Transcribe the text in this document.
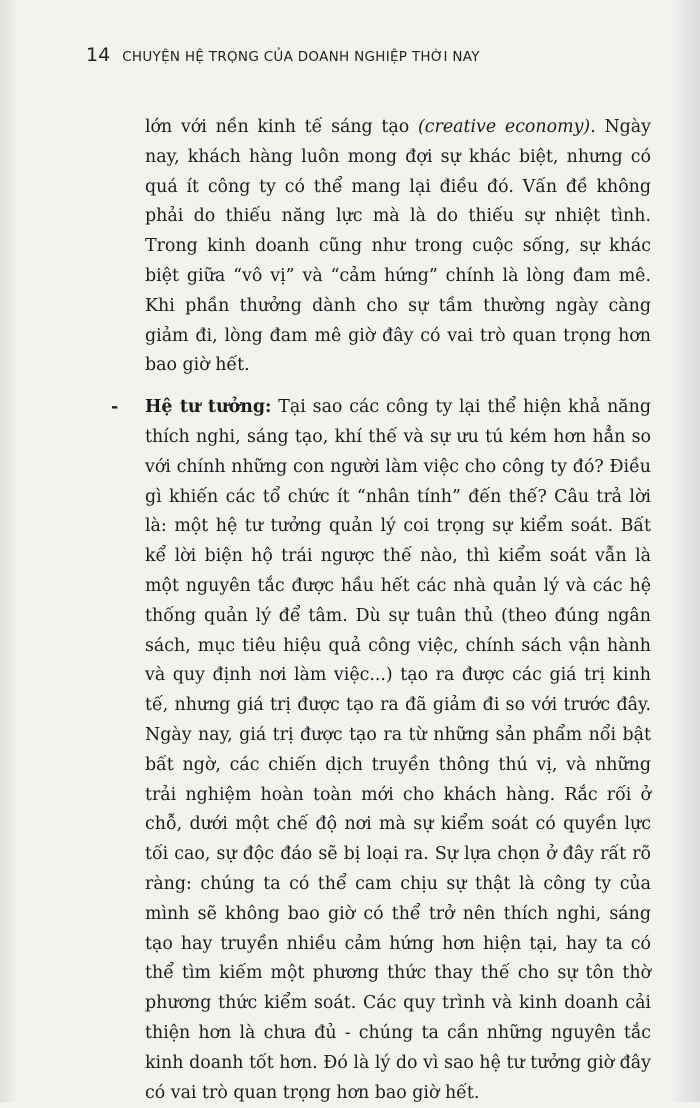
14 CHUYỆN HỆ TRỌNG CỦA DOANH NGHIỆP THỜI NAY

lớn với nền kinh tế sáng tạo (creative economy). Ngày nay, khách hàng luôn mong đợi sự khác biệt, nhưng có quá ít công ty có thể mang lại điều đó. Vấn đề không phải do thiếu năng lực mà là do thiếu sự nhiệt tình. Trong kinh doanh cũng như trong cuộc sống, sự khác biệt giữa “vô vị” và “cảm hứng” chính là lòng đam mê. Khi phần thưởng dành cho sự tầm thường ngày càng giảm đi, lòng đam mê giờ đây có vai trò quan trọng hơn bao giờ hết.

-	Hệ tư tưởng: Tại sao các công ty lại thể hiện khả năng thích nghi, sáng tạo, khí thế và sự ưu tú kém hơn hẳn so với chính những con người làm việc cho công ty đó? Điều gì khiến các tổ chức ít “nhân tính” đến thế? Câu trả lời là: một hệ tư tưởng quản lý coi trọng sự kiểm soát. Bất kể lời biện hộ trái ngược thế nào, thì kiểm soát vẫn là một nguyên tắc được hầu hết các nhà quản lý và các hệ thống quản lý để tâm. Dù sự tuân thủ (theo đúng ngân sách, mục tiêu hiệu quả công việc, chính sách vận hành và quy định nơi làm việc...) tạo ra được các giá trị kinh tế, nhưng giá trị được tạo ra đã giảm đi so với trước đây. Ngày nay, giá trị được tạo ra từ những sản phẩm nổi bật bất ngờ, các chiến dịch truyền thông thú vị, và những trải nghiệm hoàn toàn mới cho khách hàng. Rắc rối ở chỗ, dưới một chế độ nơi mà sự kiểm soát có quyền lực tối cao, sự độc đáo sẽ bị loại ra. Sự lựa chọn ở đây rất rõ ràng: chúng ta có thể cam chịu sự thật là công ty của mình sẽ không bao giờ có thể trở nên thích nghi, sáng tạo hay truyền nhiều cảm hứng hơn hiện tại, hay ta có thể tìm kiếm một phương thức thay thế cho sự tôn thờ phương thức kiểm soát. Các quy trình và kinh doanh cải thiện hơn là chưa đủ - chúng ta cần những nguyên tắc kinh doanh tốt hơn. Đó là lý do vì sao hệ tư tưởng giờ đây có vai trò quan trọng hơn bao giờ hết.
